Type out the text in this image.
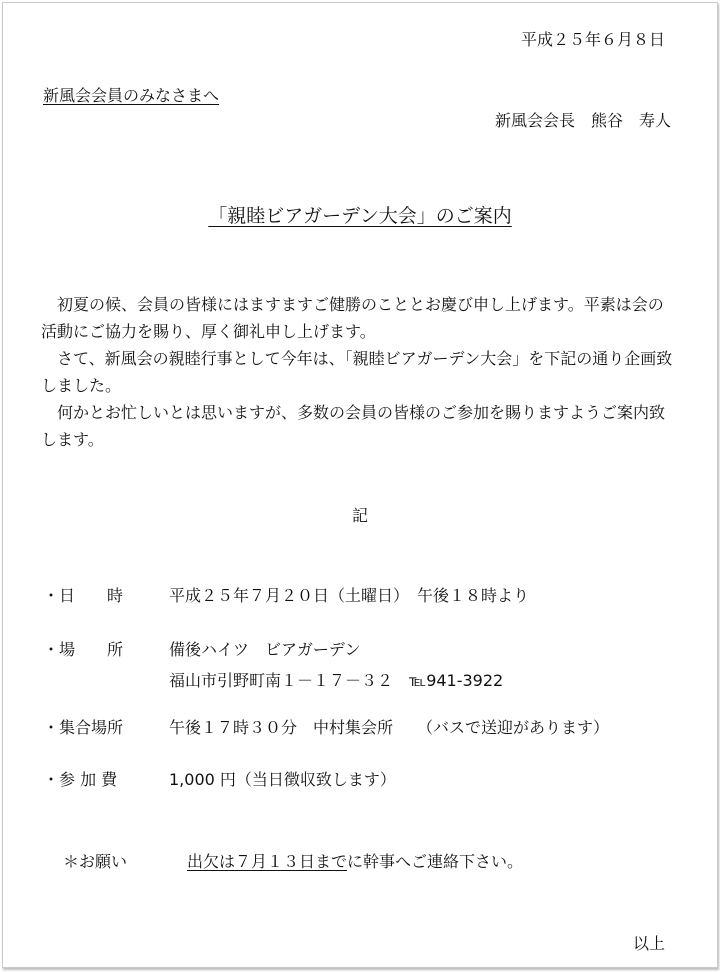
平成２５年６月８日
新風会会員のみなさまへ
新風会会長　熊谷　寿人
「親睦ビアガーデン大会」のご案内

　初夏の候、会員の皆様にはますますご健勝のこととお慶び申し上げます。平素は会の活動にご協力を賜り、厚く御礼申し上げます。

　さて、新風会の親睦行事として今年は、「親睦ビアガーデン大会」を下記の通り企画致しました。

　何かとお忙しいとは思いますが、多数の会員の皆様のご参加を賜りますようご案内致します。

記
・日　　時	平成２５年７月２０日（土曜日）　午後１８時より
・場　　所	備後ハイツ　ビアガーデン
福山市引野町南１－１７－３２　℡941-3922
・集合場所	午後１７時３０分　中村集会所　　（バスで送迎があります）
・参 加 費	1,000 円（当日徴収致します）
＊お願い	出欠は７月１３日までに幹事へご連絡下さい。
以上
